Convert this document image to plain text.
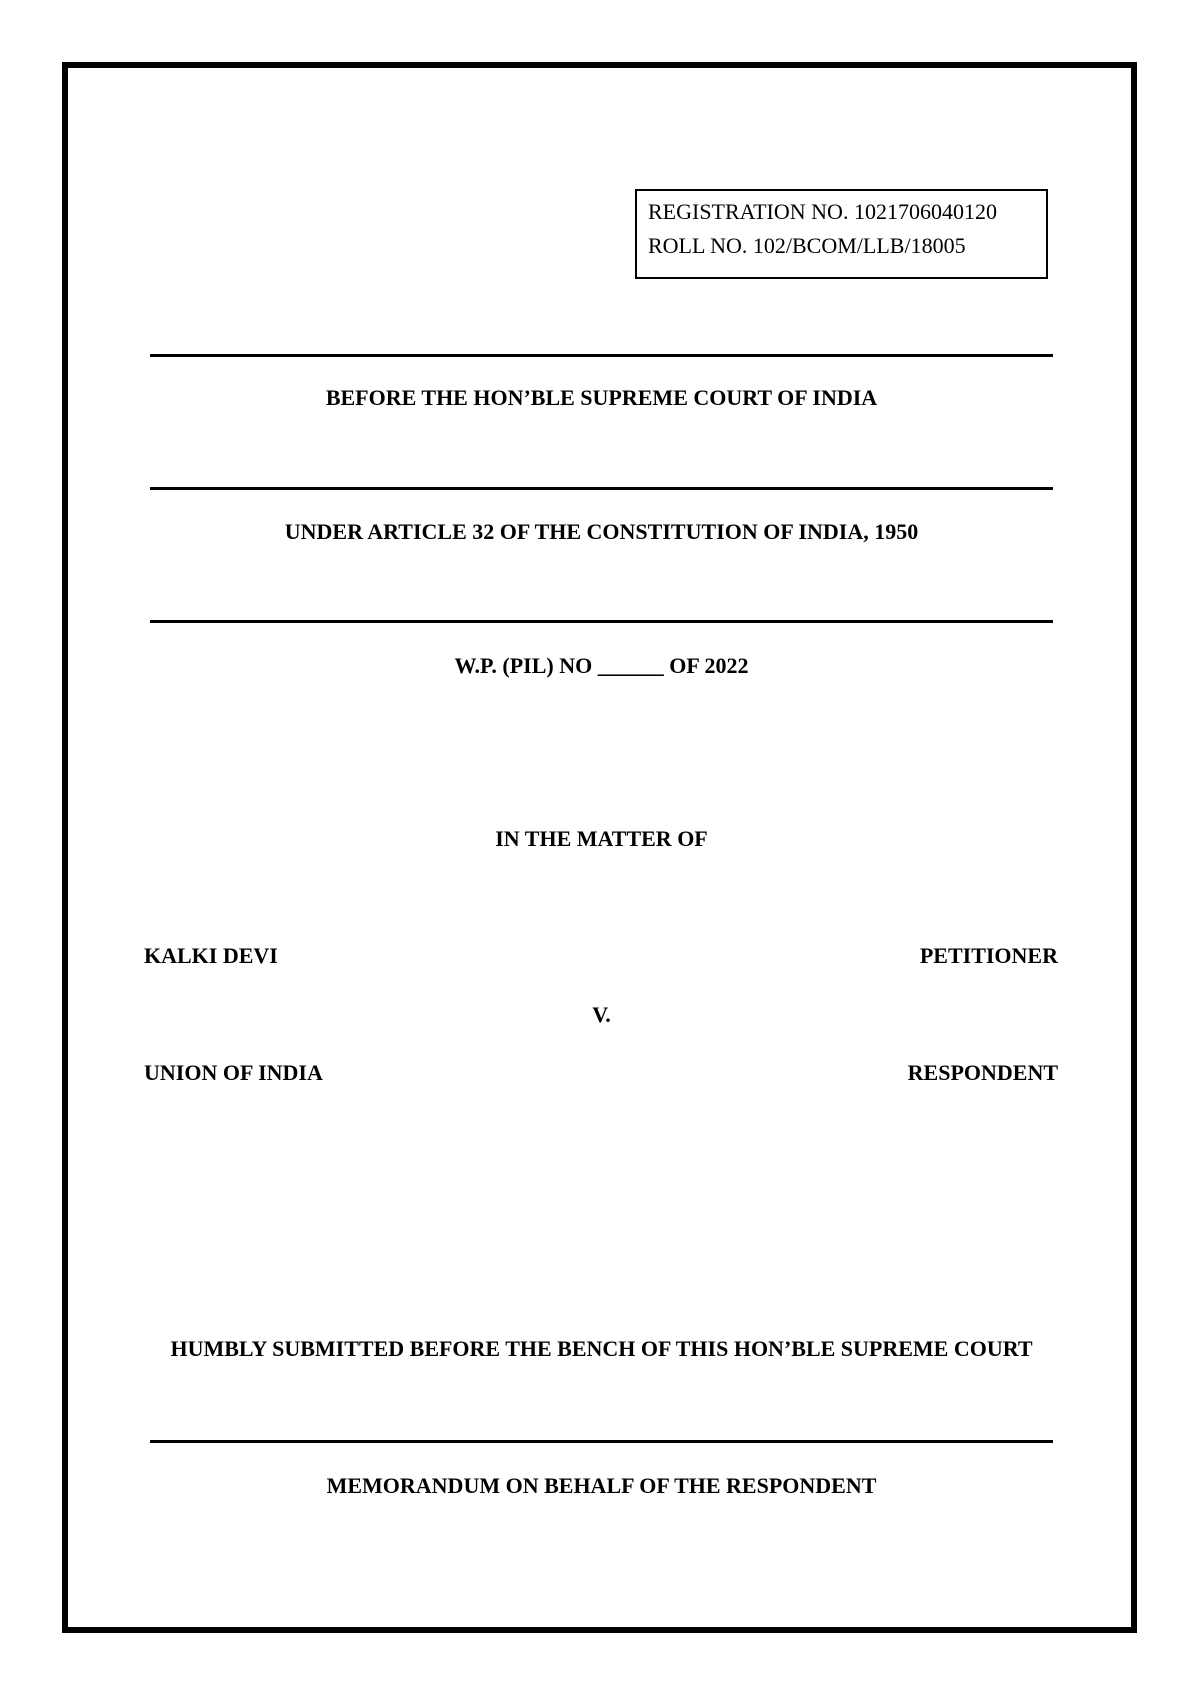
REGISTRATION NO. 1021706040120
ROLL NO. 102/BCOM/LLB/18005
BEFORE THE HON’BLE SUPREME COURT OF INDIA
UNDER ARTICLE 32 OF THE CONSTITUTION OF INDIA, 1950
W.P. (PIL) NO ______ OF 2022
IN THE MATTER OF
KALKI DEVI	PETITIONER
V.
UNION OF INDIA	RESPONDENT
HUMBLY SUBMITTED BEFORE THE BENCH OF THIS HON’BLE SUPREME COURT
MEMORANDUM ON BEHALF OF THE RESPONDENT
